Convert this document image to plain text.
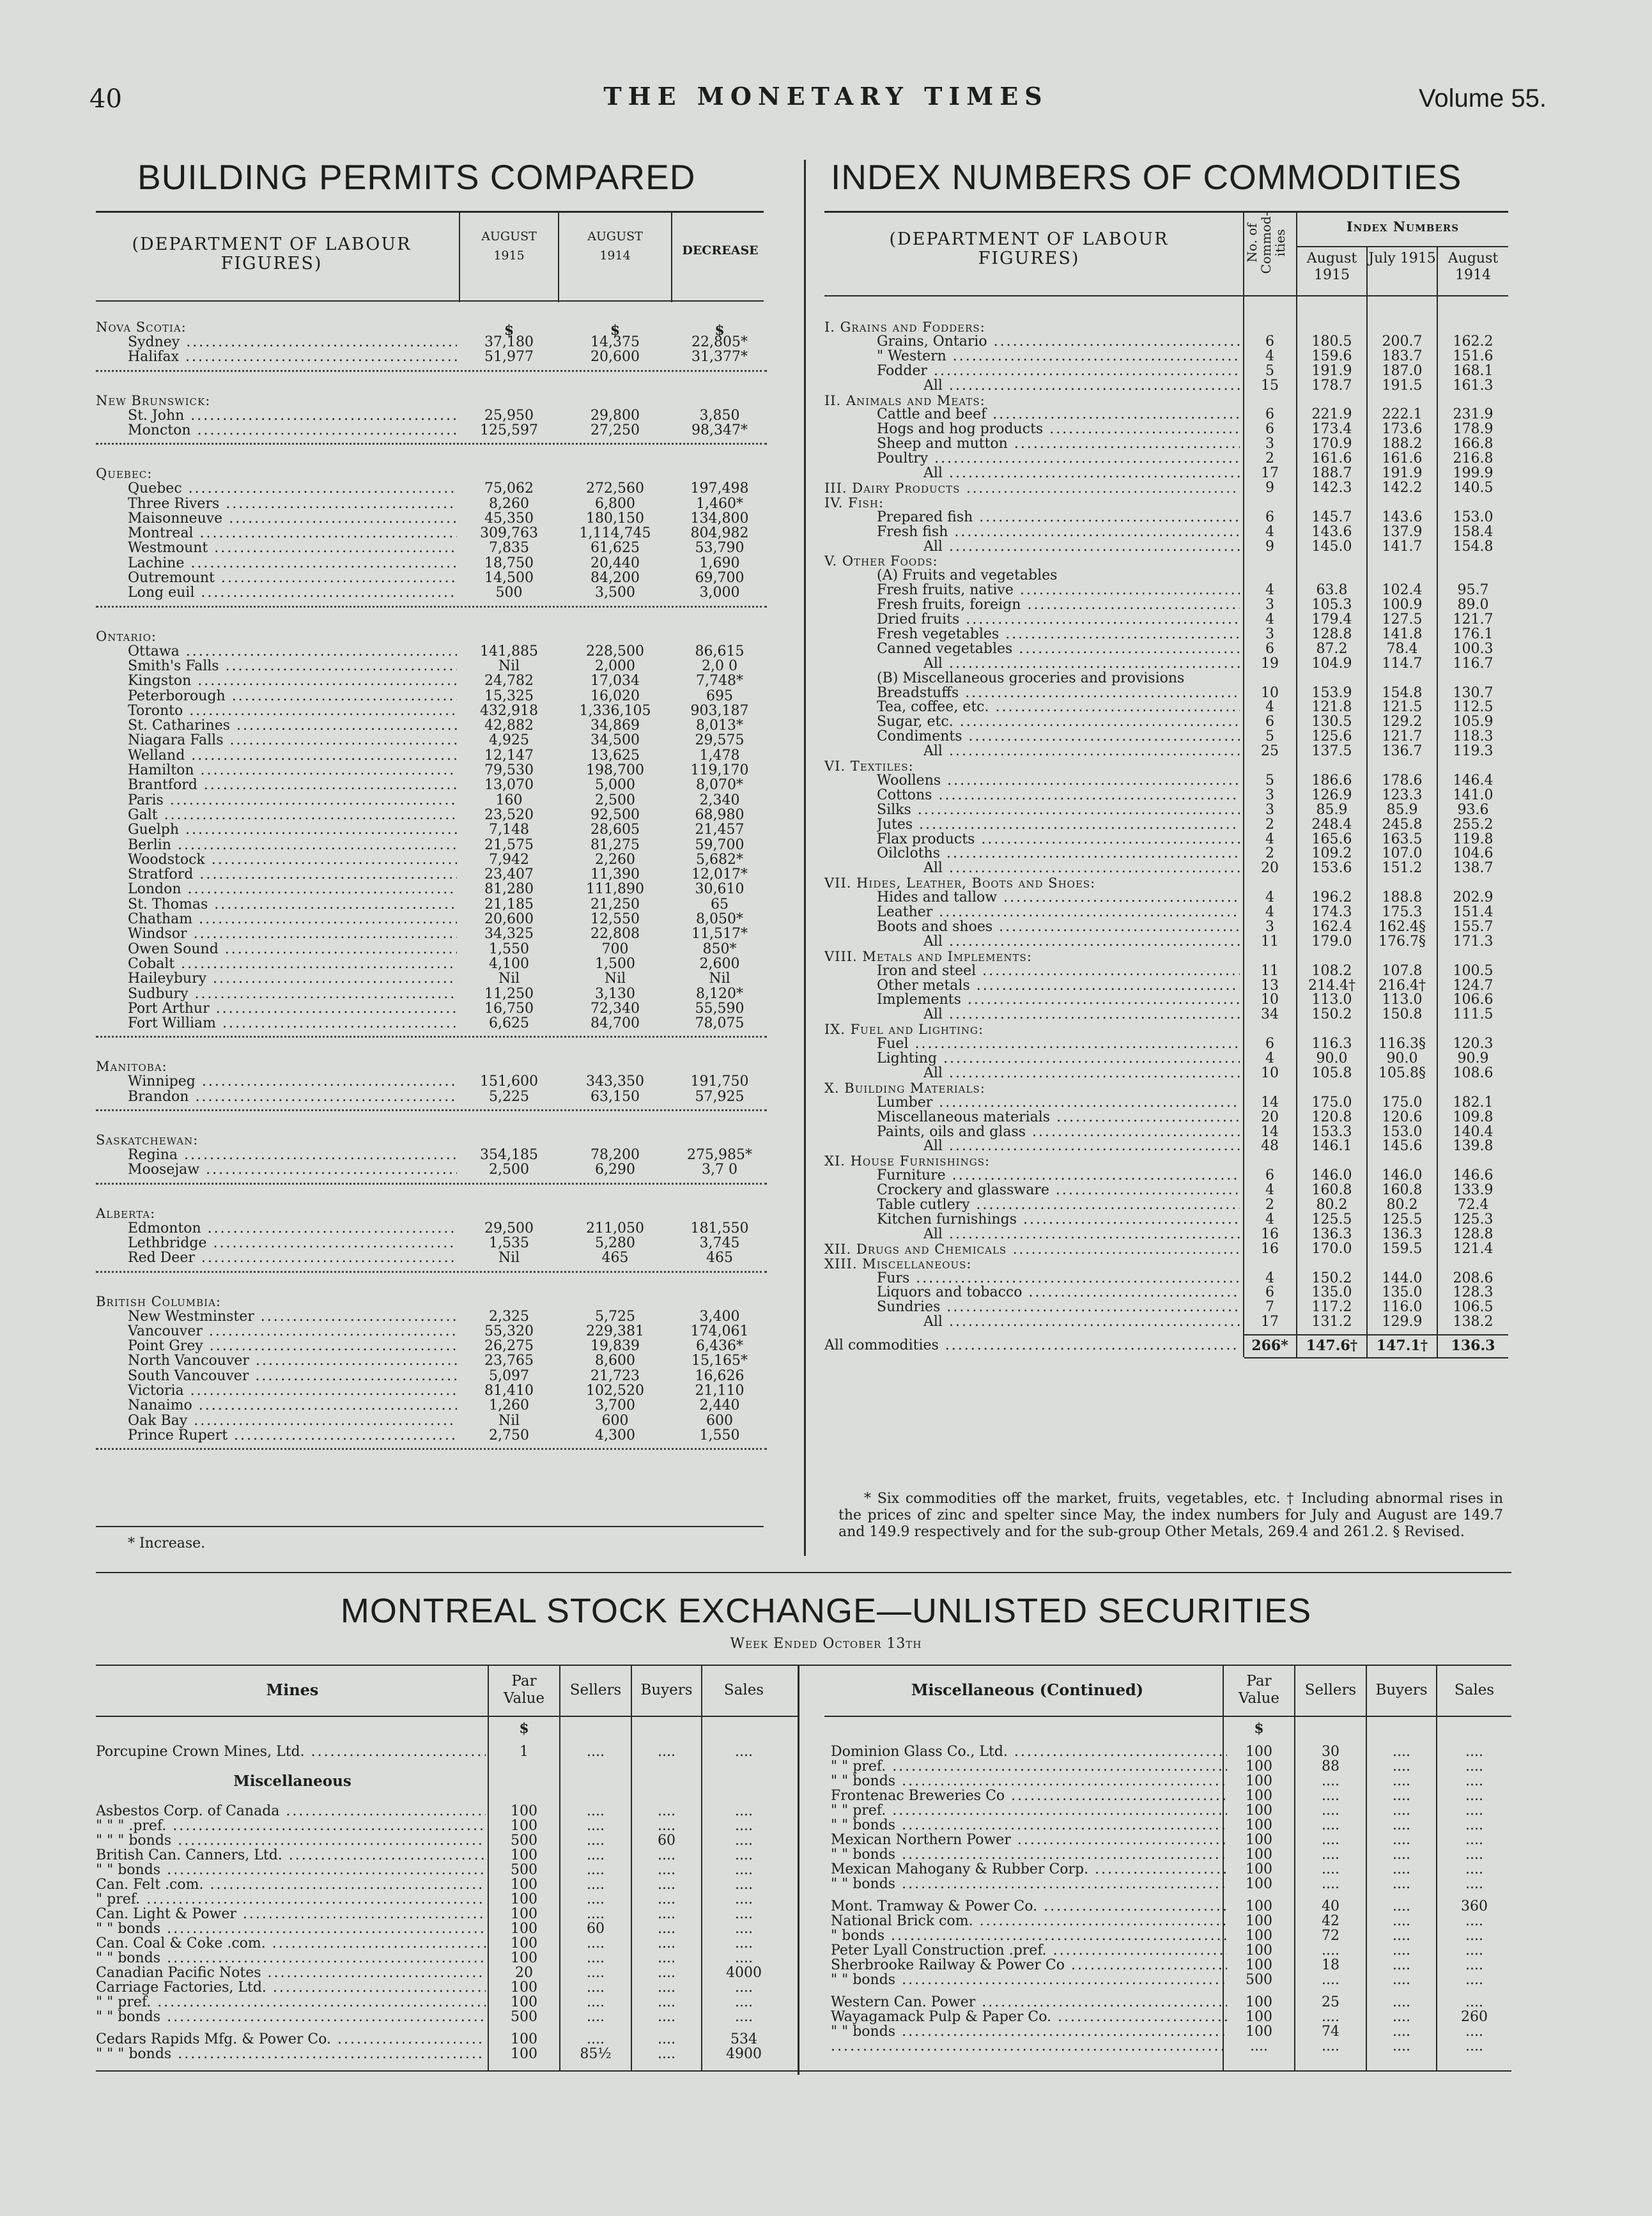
40	THE MONETARY TIMES	Volume 55.
BUILDING PERMITS COMPARED
(DEPARTMENT OF LABOUR FIGURES)
AUGUST
1915
AUGUST
1914	DECREASE
$	$	$
Nova Scotia:
Sydney .....	37,180	14,375	22,805*
Halifax .....	51,977	20,600	31,377*
New Brunswick:
St. John .....	25,950	29,800	3,850
Moncton .....	125,597	27,250	98,347*
Quebec:
Quebec .....	75,062	272,560	197,498
Three Rivers .....	8,260	6,800	1,460*
Maisonneuve .....	45,350	180,150	134,800
Montreal .....	309,763	1,114,745	804,982
Westmount .....	7,835	61,625	53,790
Lachine .....	18,750	20,440	1,690
Outremount .....	14,500	84,200	69,700
Long euil .....	500	3,500	3,000
Ontario:
Ottawa .....	141,885	228,500	86,615
Smith's Falls .....	Nil	2,000	2,0 0
Kingston .....	24,782	17,034	7,748*
Peterborough .....	15,325	16,020	695
Toronto .....	432,918	1,336,105	903,187
St. Catharines .....	42,882	34,869	8,013*
Niagara Falls .....	4,925	34,500	29,575
Welland .....	12,147	13,625	1,478
Hamilton .....	79,530	198,700	119,170
Brantford .....	13,070	5,000	8,070*
Paris .....	160	2,500	2,340
Galt .....	23,520	92,500	68,980
Guelph .....	7,148	28,605	21,457
Berlin .....	21,575	81,275	59,700
Woodstock .....	7,942	2,260	5,682*
Stratford .....	23,407	11,390	12,017*
London .....	81,280	111,890	30,610
St. Thomas .....	21,185	21,250	65
Chatham .....	20,600	12,550	8,050*
Windsor .....	34,325	22,808	11,517*
Owen Sound .....	1,550	700	850*
Cobalt .....	4,100	1,500	2,600
Haileybury .....	Nil	Nil	Nil
Sudbury .....	11,250	3,130	8,120*
Port Arthur .....	16,750	72,340	55,590
Fort William .....	6,625	84,700	78,075
Manitoba:
Winnipeg .....	151,600	343,350	191,750
Brandon .....	5,225	63,150	57,925
Saskatchewan:
Regina .....	354,185	78,200	275,985*
Moosejaw .....	2,500	6,290	3,7 0
Alberta:
Edmonton .....	29,500	211,050	181,550
Lethbridge .....	1,535	5,280	3,745
Red Deer .....	Nil	465	465
British Columbia:
New Westminster .....	2,325	5,725	3,400
Vancouver .....	55,320	229,381	174,061
Point Grey .....	26,275	19,839	6,436*
North Vancouver .....	23,765	8,600	15,165*
South Vancouver .....	5,097	21,723	16,626
Victoria .....	81,410	102,520	21,110
Nanaimo .....	1,260	3,700	2,440
Oak Bay .....	Nil	600	600
Prince Rupert .....	2,750	4,300	1,550
* Increase.
INDEX NUMBERS OF COMMODITIES
(DEPARTMENT OF LABOUR FIGURES)	No. of Commod-ities
Index Numbers
August 1915
July 1915 August 1914
I. Grains and Fodders:
Grains, Ontario .....	6	180.5	200.7	162.2
" Western .....	4	159.6	183.7	151.6
Fodder .....	5	191.9	187.0	168.1
All .....	15	178.7	191.5	161.3
II. Animals and Meats:
Cattle and beef .....	6	221.9	222.1	231.9
Hogs and hog products .....	6	173.4	173.6	178.9
Sheep and mutton .....	3	170.9	188.2	166.8
Poultry .....	2	161.6	161.6	216.8
All .....	17	188.7	191.9	199.9
III. Dairy Products .....	9	142.3	142.2	140.5
IV. Fish:
Prepared fish .....	6	145.7	143.6	153.0
Fresh fish .....	4	143.6	137.9	158.4
All .....	9	145.0	141.7	154.8
V. Other Foods:
(A) Fruits and vegetables
Fresh fruits, native .....	4	63.8	102.4	95.7
Fresh fruits, foreign .....	3	105.3	100.9	89.0
Dried fruits .....	4	179.4	127.5	121.7
Fresh vegetables .....	3	128.8	141.8	176.1
Canned vegetables .....	6	87.2	78.4	100.3
All .....	19	104.9	114.7	116.7
(B) Miscellaneous groceries and provisions
Breadstuffs .....	10	153.9	154.8	130.7
Tea, coffee, etc. .....	4	121.8	121.5	112.5
Sugar, etc. .....	6	130.5	129.2	105.9
Condiments .....	5	125.6	121.7	118.3
All .....	25	137.5	136.7	119.3
VI. Textiles:
Woollens .....	5	186.6	178.6	146.4
Cottons .....	3	126.9	123.3	141.0
Silks .....	3	85.9	85.9	93.6
Jutes .....	2	248.4	245.8	255.2
Flax products .....	4	165.6	163.5	119.8
Oilcloths .....	2	109.2	107.0	104.6
All .....	20	153.6	151.2	138.7
VII. Hides, Leather, Boots and Shoes:
Hides and tallow .....	4	196.2	188.8	202.9
Leather .....	4	174.3	175.3	151.4
Boots and shoes .....	3	162.4	162.4§	155.7
All .....	11	179.0	176.7§	171.3
VIII. Metals and Implements:
Iron and steel .....	11	108.2	107.8	100.5
Other metals .....	13	214.4†	216.4†	124.7
Implements .....	10	113.0	113.0	106.6
All .....	34	150.2	150.8	111.5
IX. Fuel and Lighting:
Fuel .....	6	116.3	116.3§	120.3
Lighting .....	4	90.0	90.0	90.9
All .....	10	105.8	105.8§	108.6
X. Building Materials:
Lumber .....	14	175.0	175.0	182.1
Miscellaneous materials .....	20	120.8	120.6	109.8
Paints, oils and glass .....	14	153.3	153.0	140.4
All .....	48	146.1	145.6	139.8
XI. House Furnishings:
Furniture .....	6	146.0	146.0	146.6
Crockery and glassware .....	4	160.8	160.8	133.9
Table cutlery .....	2	80.2	80.2	72.4
Kitchen furnishings .....	4	125.5	125.5	125.3
All .....	16	136.3	136.3	128.8
XII. Drugs and Chemicals .....	16	170.0	159.5	121.4
XIII. Miscellaneous:
Furs .....	4	150.2	144.0	208.6
Liquors and tobacco .....	6	135.0	135.0	128.3
Sundries .....	7	117.2	116.0	106.5
All .....	17	131.2	129.9	138.2
All commodities .....	266*	147.6†	147.1†	136.3
* Six commodities off the market, fruits, vegetables, etc. † Including abnormal rises in the prices of zinc and spelter since May, the index numbers for July and August are 149.7 and 149.9 respectively and for the sub-group Other Metals, 269.4 and 261.2. § Revised.
MONTREAL STOCK EXCHANGE—UNLISTED SECURITIES
Week Ended October 13th
Mines	Par Value	Sellers	Buyers	Sales
$
Porcupine Crown Mines, Ltd. .....	1	....	....	....
Miscellaneous
Asbestos Corp. of Canada .....	100	....	....	....
" " " .pref. .....	100	....	....	....
" " " bonds .....	500	....	60	....
British Can. Canners, Ltd. .....	100	....	....	....
" " bonds .....	500	....	....	....
Can. Felt .com. .....	100	....	....	....
" pref. .....	100	....	....	....
Can. Light & Power .....	100	....	....	....
" " bonds .....	100	60	....	....
Can. Coal & Coke .com. .....	100	....	....	....
" " bonds .....	100	....	....	....
Canadian Pacific Notes .....	20	....	....	4000
Carriage Factories, Ltd. .....	100	....	....	....
" " pref. .....	100	....	....	....
" " bonds .....	500	....	....	....
Cedars Rapids Mfg. & Power Co. .....	100	....	....	534
" " " bonds .....	100	85½	....	4900
Miscellaneous (Continued)	Par Value	Sellers	Buyers	Sales
$
Dominion Glass Co., Ltd. .....	100	30	....	....
" " pref. .....	100	88	....	....
" " bonds .....	100	....	....	....
Frontenac Breweries Co .....	100	....	....	....
" " pref. .....	100	....	....	....
" " bonds .....	100	....	....	....
Mexican Northern Power .....	100	....	....	....
" " bonds .....	100	....	....	....
Mexican Mahogany & Rubber Corp. .....	100	....	....	....
" " bonds .....	100	....	....	....
Mont. Tramway & Power Co. .....	100	40	....	360
National Brick com. .....	100	42	....	....
" bonds .....	100	72	....	....
Peter Lyall Construction .pref. .....	100	....	....	....
Sherbrooke Railway & Power Co .....	100	18	....	....
" " bonds .....	500	....	....	....
Western Can. Power .....	100	25	....	....
Wayagamack Pulp & Paper Co. .....	100	....	....	260
" " bonds .....	100	74	....	....
.....
....	....	....	....
